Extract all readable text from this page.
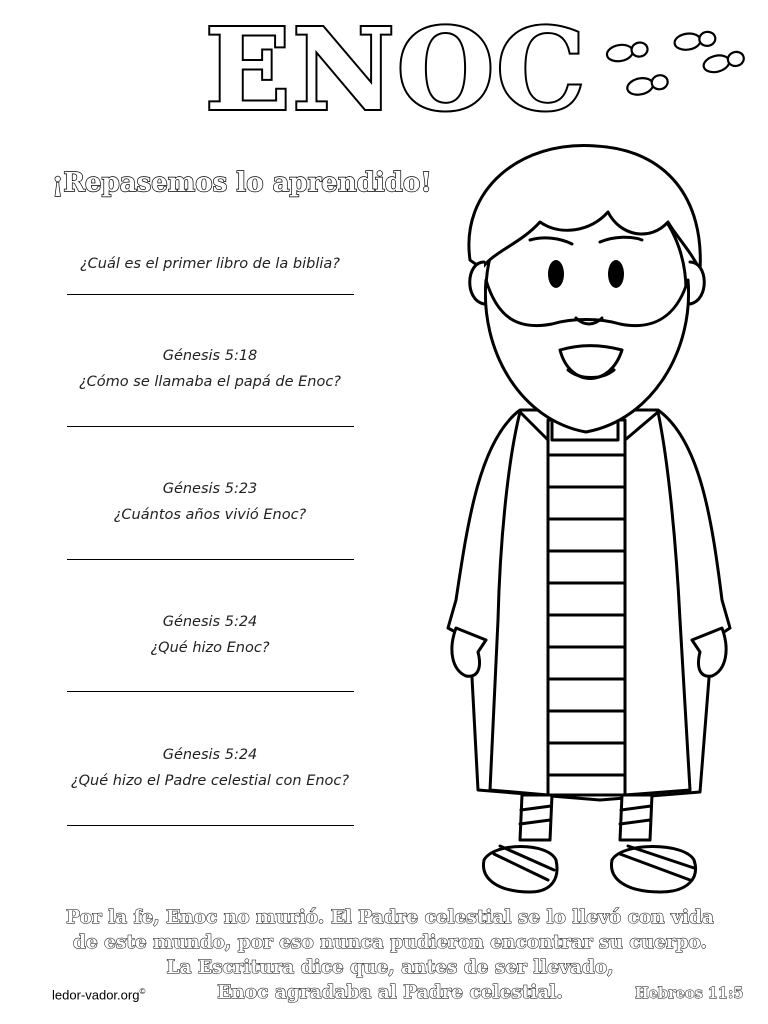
ENOC
¡Repasemos lo aprendido!
¿Cuál es el primer libro de la biblia?
Génesis 5:18
¿Cómo se llamaba el papá de Enoc?
Génesis 5:23
¿Cuántos años vivió Enoc?
Génesis 5:24
¿Qué hizo Enoc?
Génesis 5:24
¿Qué hizo el Padre celestial con Enoc?
Por la fe, Enoc no murió. El Padre celestial se lo llevó con vida
de este mundo, por eso nunca pudieron encontrar su cuerpo.
La Escritura dice que, antes de ser llevado,
Enoc agradaba al Padre celestial.
ledor-vador.org©	Hebreos 11:5
